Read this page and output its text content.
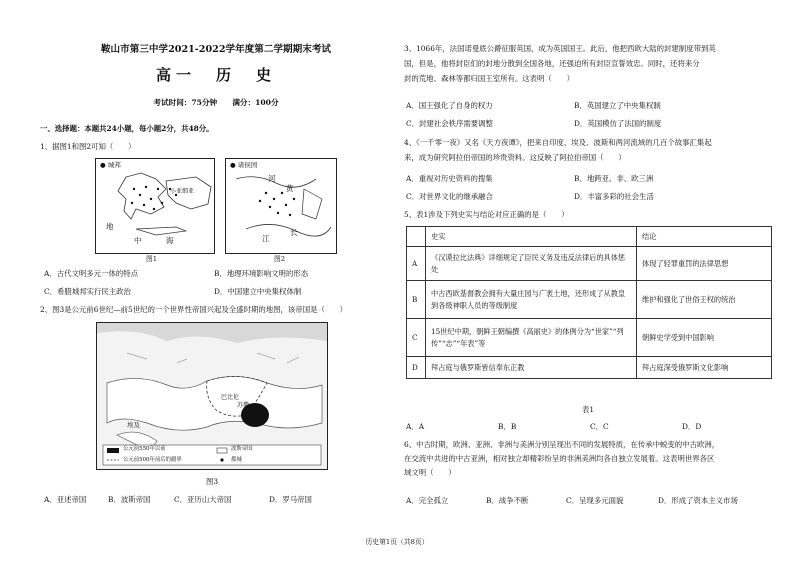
鞍山市第三中学2021-2022学年度第二学期期末考试
高一　历　史
考试时间：75分钟　　满分：100分
一、选择题：本题共24小题，每小题2分，共48分。
1、据图1和图2可知（　　）
● 城邦
小亚细亚
地
中	海
图1
● 诸侯国
河
黄
江
长
图2
A．古代文明多元一体的特点	B．地理环境影响文明的形态
C．希腊城邦实行民主政治	D．中国建立中央集权体制
2、图3是公元前6世纪—前5世纪的一个世界性帝国兴起及全盛时期的地图，该帝国是（　　）
埃及
巴比伦
苏撒
公元前550年以前
公元前500年前后的疆界
波斯帝国
都城
图3
A．亚述帝国	B．波斯帝国	C．亚历山大帝国	D．罗马帝国
3、1066年，法国诺曼底公爵征服英国，成为英国国王。此后，他把西欧大陆的封建制度带到英
国，但是，他将封臣们的封地分散到全国各地，还强迫所有封臣宣誓效忠。同时，还将来分
封的荒地、森林等都归国王室所有。这表明（　　）
A．国王强化了自身的权力	B．英国建立了中央集权制
C．封建社会秩序需要调整	D．英国模仿了法国的制度
4、《一千零一夜》又名《天方夜谭》，把来自印度、埃及、波斯和两河流域的几百个故事汇集起
来，成为研究阿拉伯帝国的珍贵资料。这反映了阿拉伯帝国（　　）
A．重视对历史资料的搜集	B．地跨亚、非、欧三洲
C．对世界文化的继承融合	D．丰富多彩的社会生活
5、表1涉及下列史实与结论对应正确的是（　　）
	史实	结论
A	《汉谟拉比法典》详细规定了臣民义务及违反法律后的具体惩处	体现了轻罪重罚的法律思想
B	中古西欧基督教会拥有大量庄园与广袤土地，还形成了从教皇到各级神职人员的等级制度	维护和强化了世俗王权的统治
C	15世纪中期，朝鲜王朝编撰《高丽史》的体例分为“世家”“列传”“志”“年表”等	朝鲜史学受到中国影响
D	拜占庭与俄罗斯皆信奉东正教	拜占庭深受俄罗斯文化影响
表1
A．A	B．B	C．C	D．D
6、中古时期，欧洲、亚洲、非洲与美洲分别呈现出不同的发展特质，在传承中蜕变的中古欧洲，
在交流中共进的中古亚洲，相对独立却精彩纷呈的非洲美洲均各自独立发展着。这表明世界各区
域文明（　　）
A．完全孤立	B．战争不断	C．呈现多元面貌	D．形成了资本主义市场
历史第1页（共8页）
